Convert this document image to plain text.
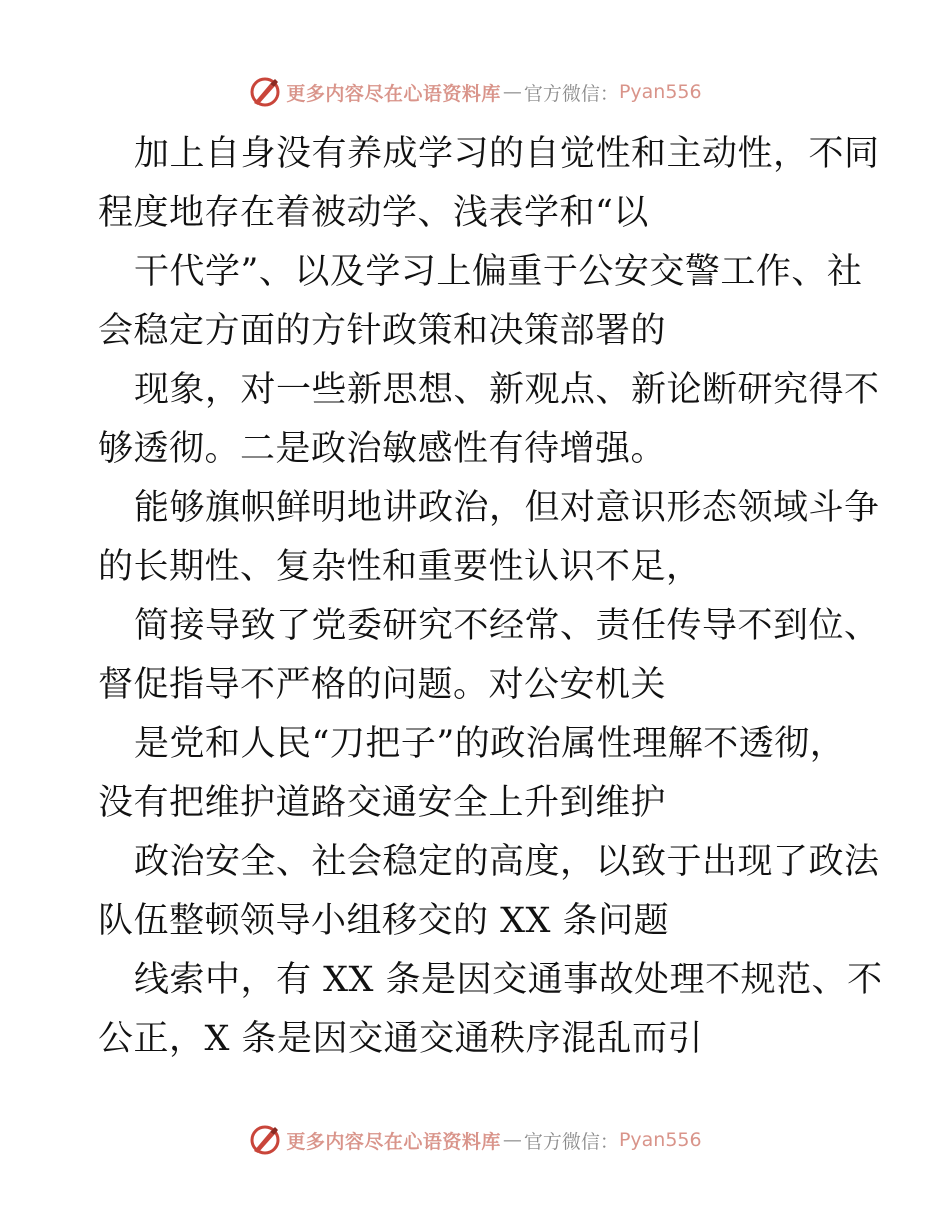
更多内容尽在心语资料库 — 官方微信： Pyan556
加上自身没有养成学习的自觉性和主动性，不同
程度地存在着被动学、浅表学和“以
干代学”、以及学习上偏重于公安交警工作、社
会稳定方面的方针政策和决策部署的
现象，对一些新思想、新观点、新论断研究得不
够透彻。二是政治敏感性有待增强。
能够旗帜鲜明地讲政治，但对意识形态领域斗争
的长期性、复杂性和重要性认识不足，
简接导致了党委研究不经常、责任传导不到位、
督促指导不严格的问题。对公安机关
是党和人民“刀把子”的政治属性理解不透彻，
没有把维护道路交通安全上升到维护
政治安全、社会稳定的高度，以致于出现了政法
队伍整顿领导小组移交的 XX 条问题
线索中，有 XX 条是因交通事故处理不规范、不
公正，X 条是因交通交通秩序混乱而引
更多内容尽在心语资料库 — 官方微信： Pyan556
